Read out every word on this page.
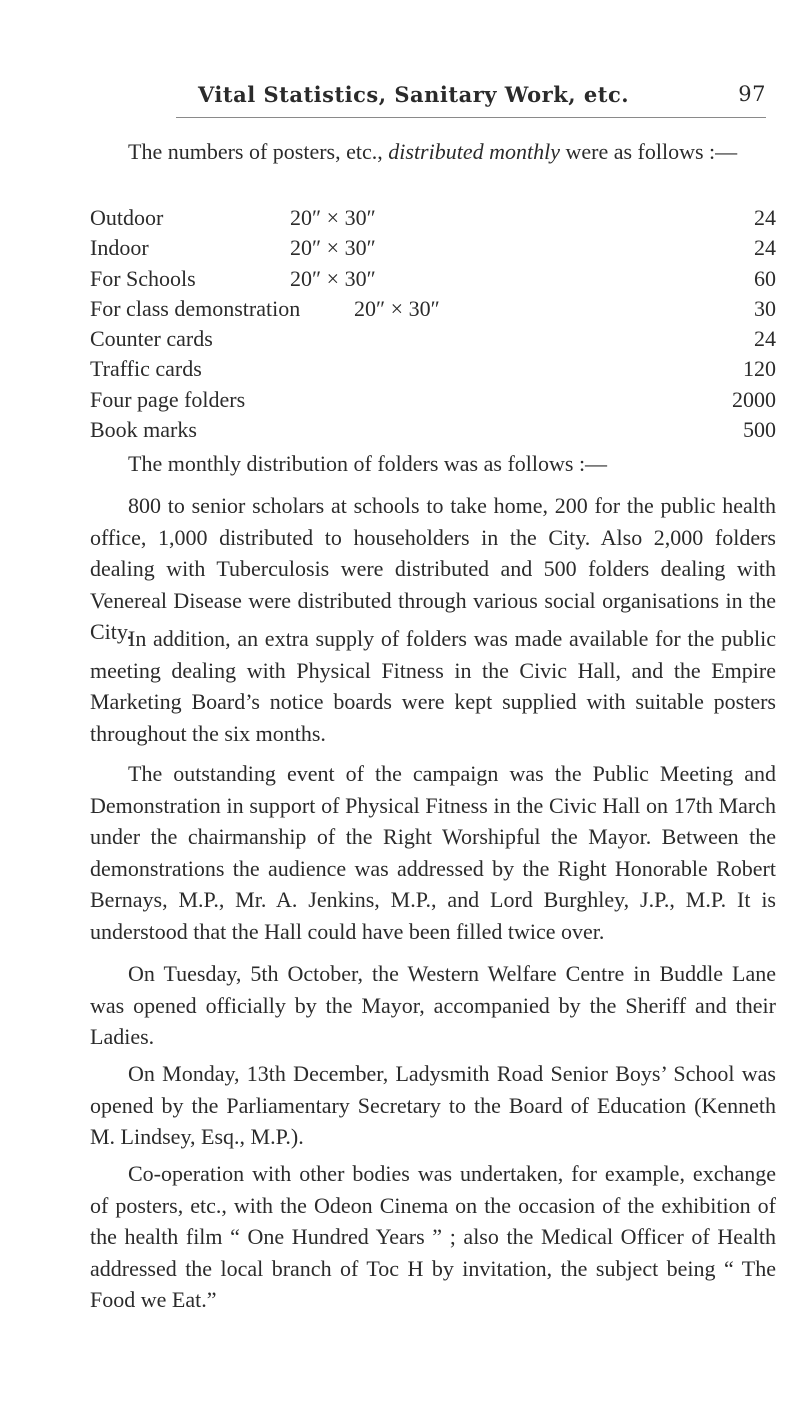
Vital Statistics, Sanitary Work, etc.	97

The numbers of posters, etc., distributed monthly were as follows :—

Outdoor	20″ × 30″	24
Indoor	20″ × 30″	24
For Schools	20″ × 30″	60
For class demonstration 20″ × 30″	30
Counter cards	24
Traffic cards	120
Four page folders	2000
Book marks	500

The monthly distribution of folders was as follows :—

800 to senior scholars at schools to take home, 200 for the public health office, 1,000 distributed to householders in the City. Also 2,000 folders dealing with Tuberculosis were distributed and 500 folders dealing with Venereal Disease were distributed through various social organisations in the City.

In addition, an extra supply of folders was made available for the public meeting dealing with Physical Fitness in the Civic Hall, and the Empire Marketing Board’s notice boards were kept supplied with suitable posters throughout the six months.

The outstanding event of the campaign was the Public Meeting and Demonstration in support of Physical Fitness in the Civic Hall on 17th March under the chairmanship of the Right Worshipful the Mayor. Between the demonstrations the audience was addressed by the Right Honorable Robert Bernays, M.P., Mr. A. Jenkins, M.P., and Lord Burghley, J.P., M.P. It is understood that the Hall could have been filled twice over.

On Tuesday, 5th October, the Western Welfare Centre in Buddle Lane was opened officially by the Mayor, accompanied by the Sheriff and their Ladies.

On Monday, 13th December, Ladysmith Road Senior Boys’ School was opened by the Parliamentary Secretary to the Board of Education (Kenneth M. Lindsey, Esq., M.P.).

Co-operation with other bodies was undertaken, for example, exchange of posters, etc., with the Odeon Cinema on the occasion of the exhibition of the health film “ One Hundred Years ” ; also the Medical Officer of Health addressed the local branch of Toc H by invitation, the subject being “ The Food we Eat.”
